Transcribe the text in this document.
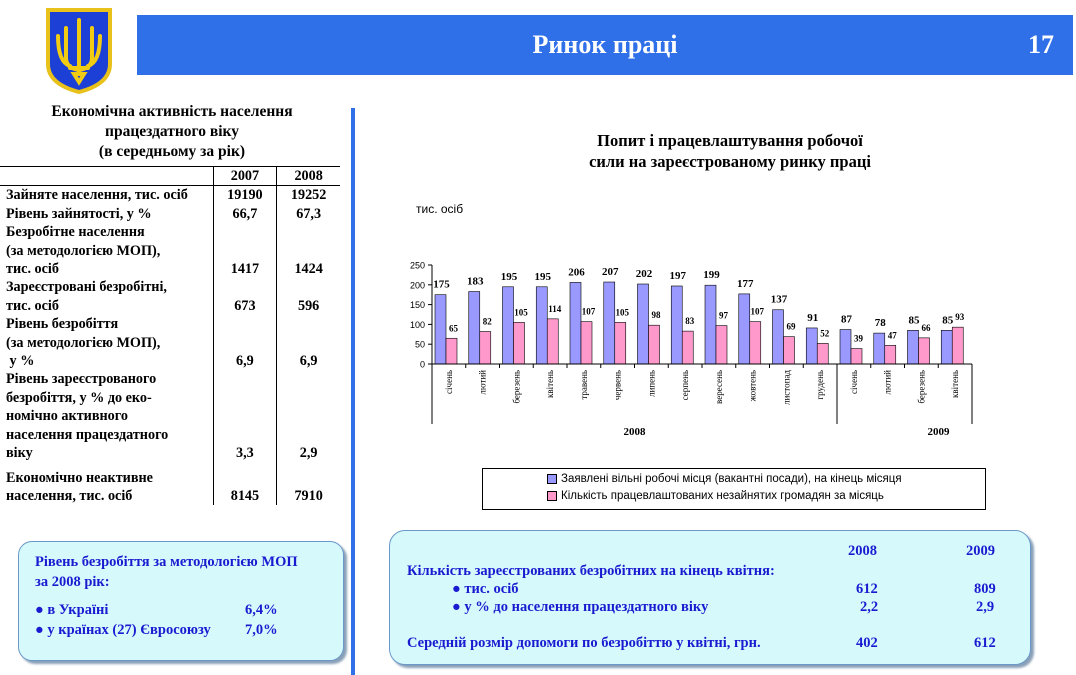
Ринок праці	17
Економічна активність населення
працездатного віку
(в середньому за рік)
	2007	2008

Зайняте населення, тис. осіб	19190	19252

Рівень зайнятості, у %	66,7	67,3

Безробітне населення
(за методологією МОП),
тис. осіб	1417	1424

Зареєстровані безробітні,
тис. осіб	673	596

Рівень безробіття
(за методологією МОП),
у %	6,9	6,9

Рівень зареєстрованого
безробіття, у % до еко-
номічно активного
населення працездатного
віку	3,3	2,9

Економічно неактивне
населення, тис. осіб	8145	7910
Рівень безробіття за методологією МОП
за 2008 рік:
● в Україні	6,4%
● у країнах (27) Євросоюзу 7,0%
Попит і працевлаштування робочої
сили на зареєстрованому ринку праці
тис. осіб
0
50
100
150
200
250
175
65
січень
183
82
лютий
195
105
березень
195
114
квітень
206
107
травень
207
105
червень
202
98
липень
197
83
серпень
199
97
вересень
177
107
жовтень
137
69
листопад
91
52
грудень
87
39
січень
78
47
лютий
85
66
березень
85 93
квітень
2008	2009
Заявлені вільні робочі місця (вакантні посади), на кінець місяця
Кількість працевлаштованих незайнятих громадян за місяць
2008	2009
Кількість зареєстрованих безробітних на кінець квітня:
● тис. осіб	612	809
● у % до населення працездатного віку	2,2	2,9
Середній розмір допомоги по безробіттю у квітні, грн.	402	612
